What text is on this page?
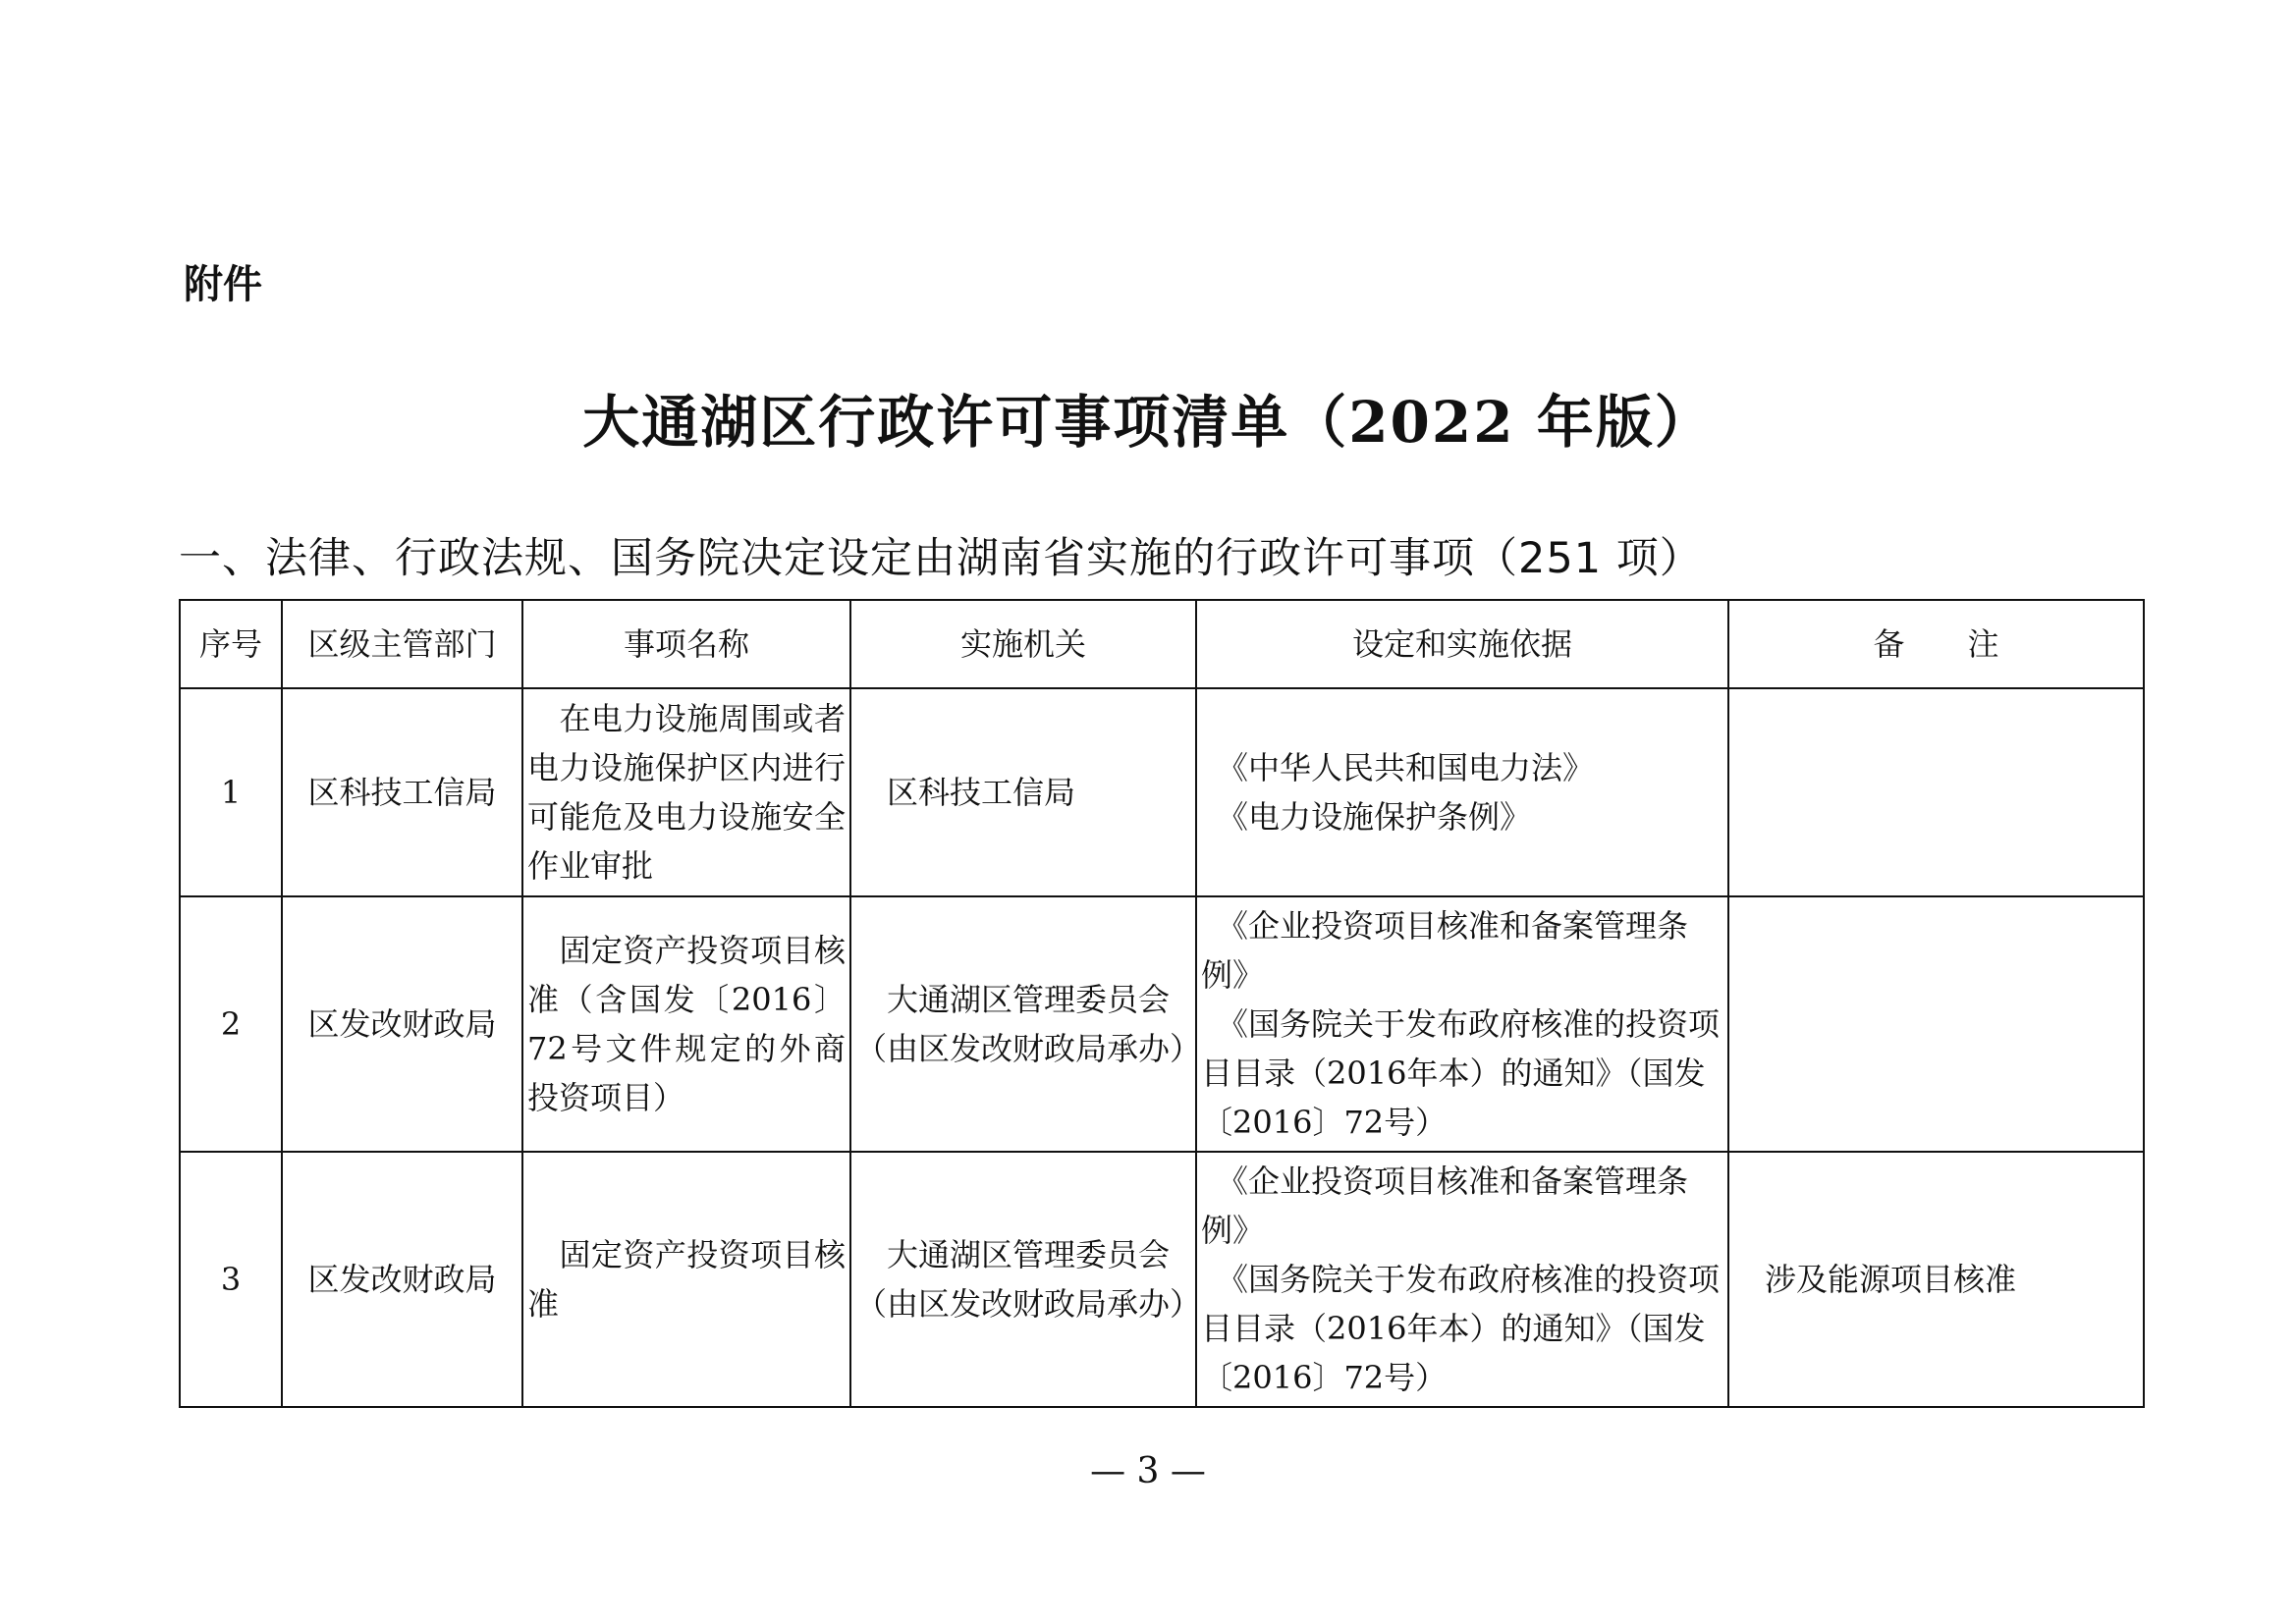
附件
大通湖区行政许可事项清单（2022 年版）
一、法律、行政法规、国务院决定设定由湖南省实施的行政许可事项（251 项）
序号	区级主管部门	事项名称	实施机关	设定和实施依据	备　　注
1	区科技工信局	　在电力设施周围或者电力设施保护区内进行可能危及电力设施安全作业审批	　区科技工信局	　《中华人民共和国电力法》
　《电力设施保护条例》	
2	区发改财政局	　固定资产投资项目核准（含国发〔2016〕72号文件规定的外商投资项目）	　大通湖区管理委员会（由区发改财政局承办）	　《企业投资项目核准和备案管理条例》
　《国务院关于发布政府核准的投资项目目录（2016年本）的通知》（国发〔2016〕72号）	
3	区发改财政局	　固定资产投资项目核准	　大通湖区管理委员会（由区发改财政局承办）	　《企业投资项目核准和备案管理条例》
　《国务院关于发布政府核准的投资项目目录（2016年本）的通知》（国发〔2016〕72号）	涉及能源项目核准
— 3 —
